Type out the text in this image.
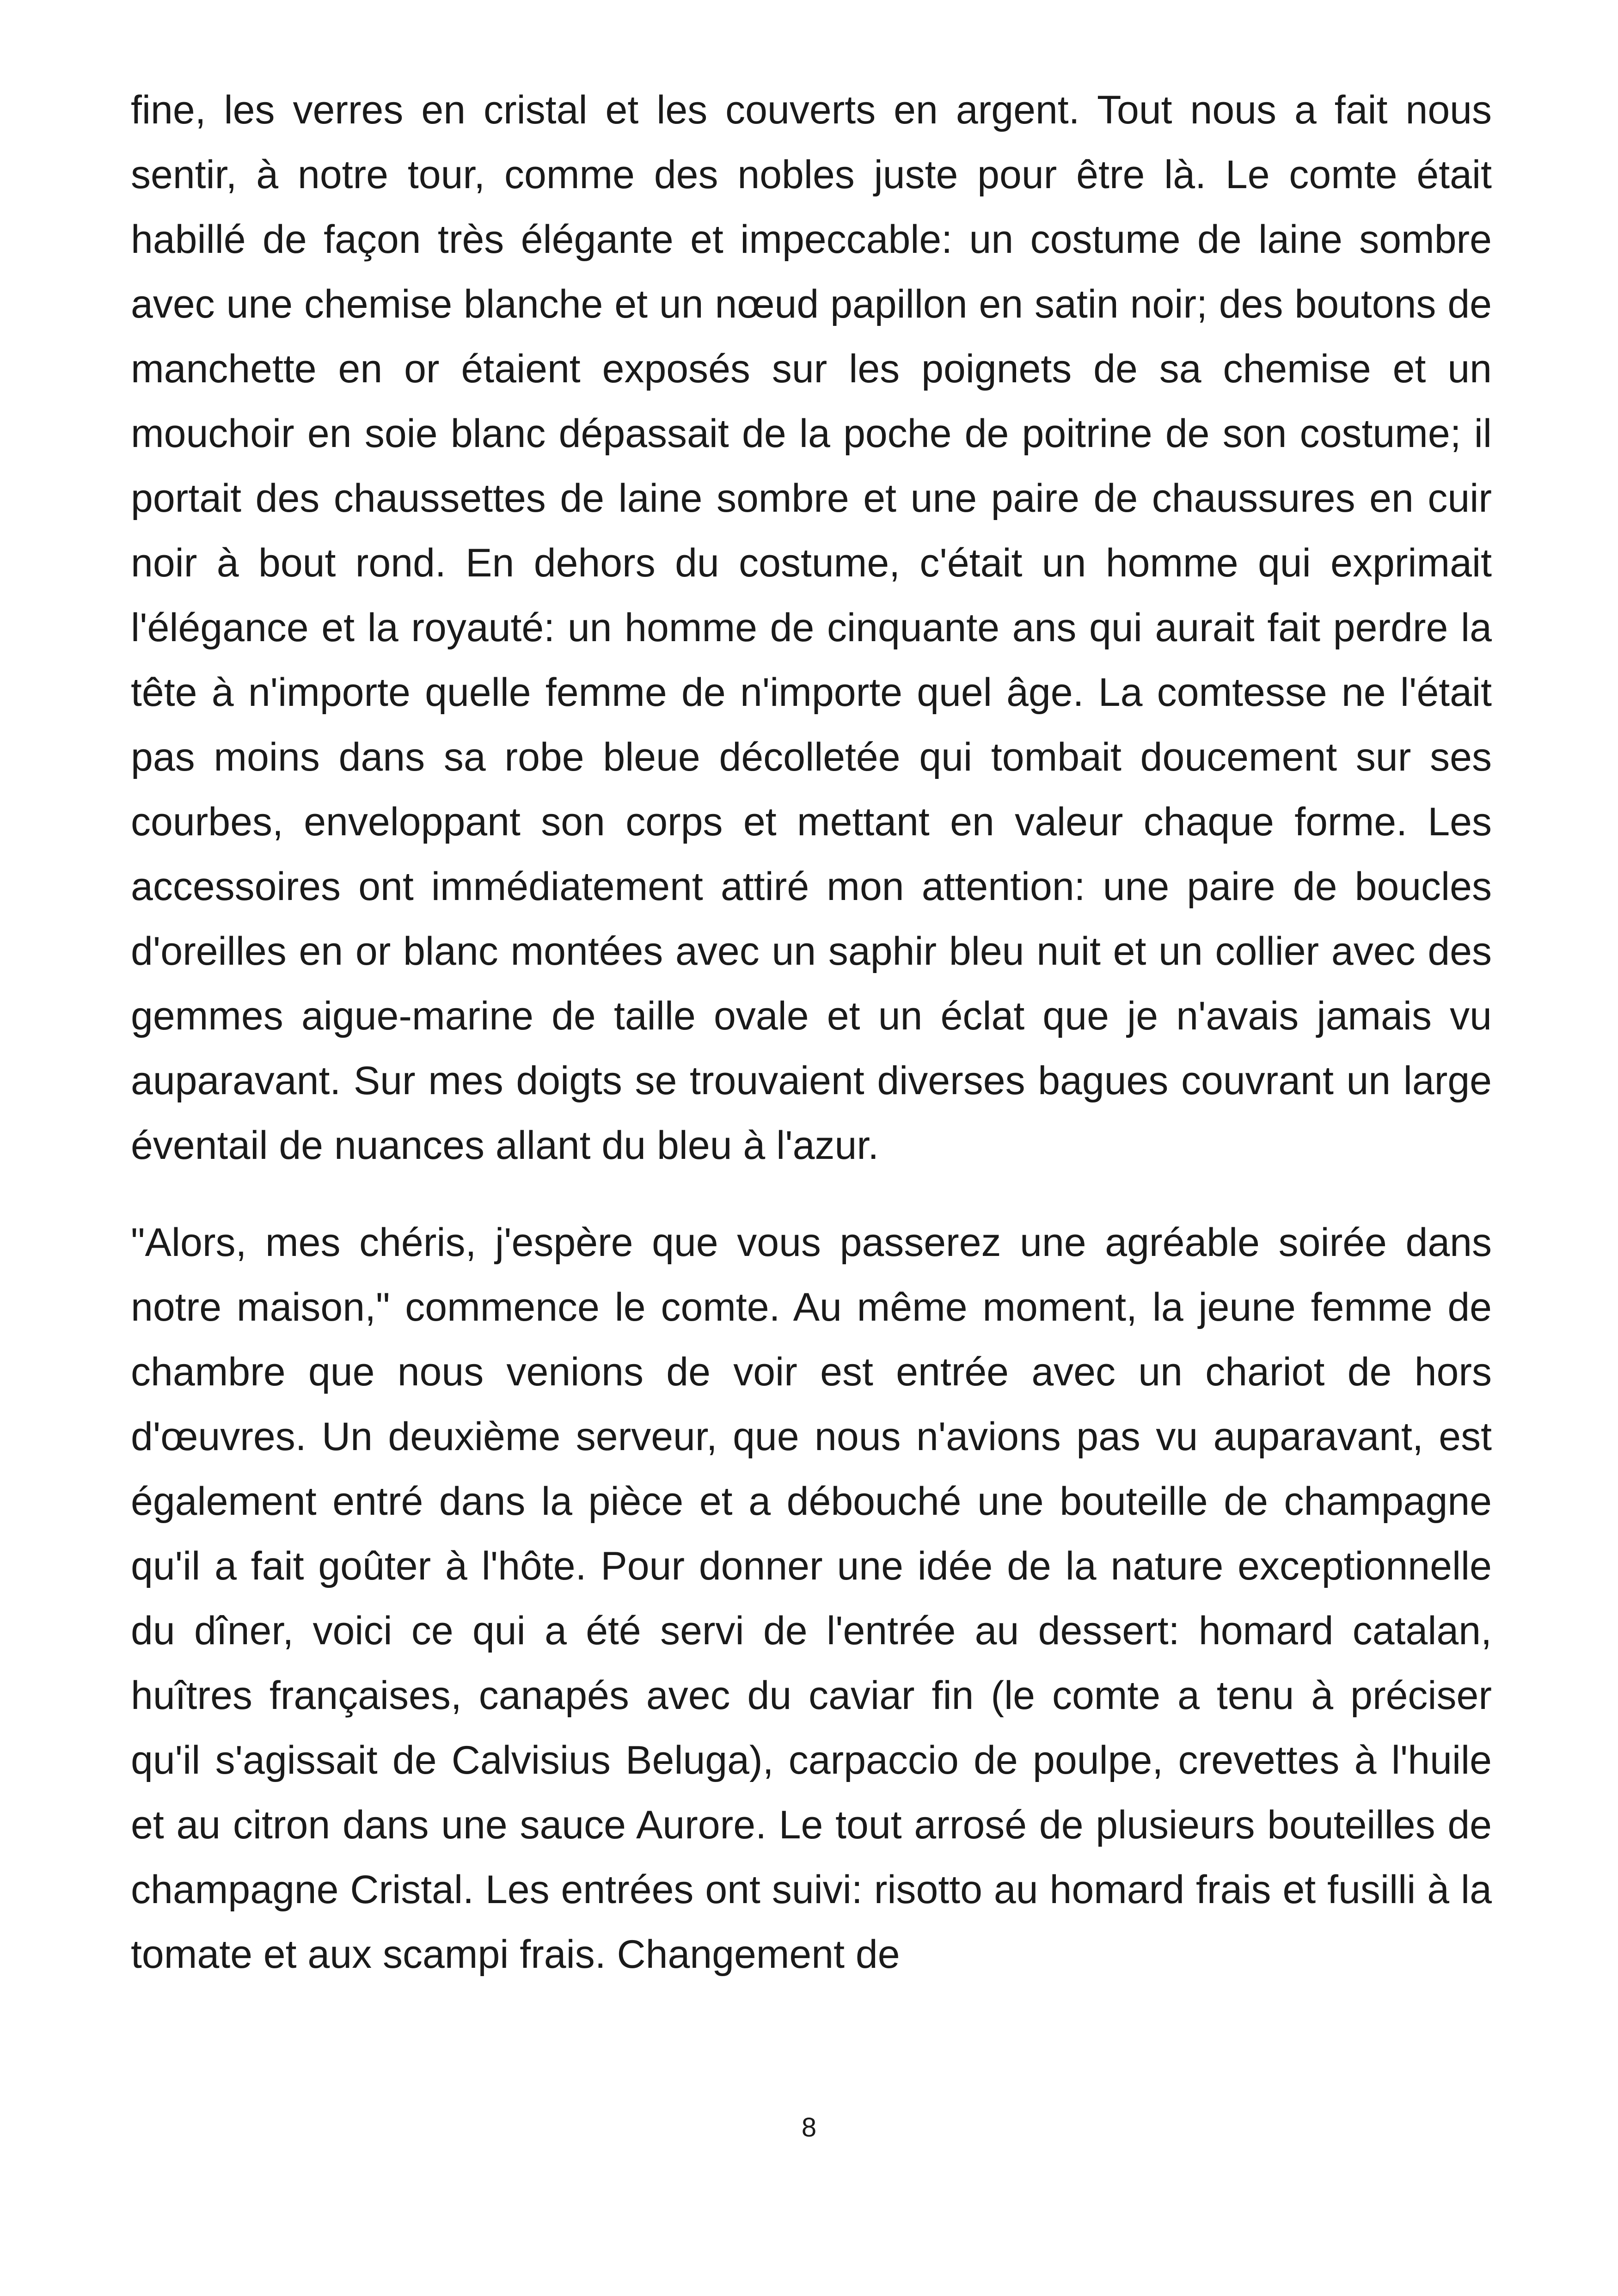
fine, les verres en cristal et les couverts en argent. Tout nous a fait nous sentir, à notre tour, comme des nobles juste pour être là. Le comte était habillé de façon très élégante et impeccable: un costume de laine sombre avec une chemise blanche et un nœud papillon en satin noir; des boutons de manchette en or étaient exposés sur les poignets de sa chemise et un mouchoir en soie blanc dépassait de la poche de poitrine de son costume; il portait des chaussettes de laine sombre et une paire de chaussures en cuir noir à bout rond. En dehors du costume, c'était un homme qui exprimait l'élégance et la royauté: un homme de cinquante ans qui aurait fait perdre la tête à n'importe quelle femme de n'importe quel âge. La comtesse ne l'était pas moins dans sa robe bleue décolletée qui tombait doucement sur ses courbes, enveloppant son corps et mettant en valeur chaque forme. Les accessoires ont immédiatement attiré mon attention: une paire de boucles d'oreilles en or blanc montées avec un saphir bleu nuit et un collier avec des gemmes aigue-marine de taille ovale et un éclat que je n'avais jamais vu auparavant. Sur mes doigts se trouvaient diverses bagues couvrant un large éventail de nuances allant du bleu à l'azur.

"Alors, mes chéris, j'espère que vous passerez une agréable soirée dans notre maison," commence le comte. Au même moment, la jeune femme de chambre que nous venions de voir est entrée avec un chariot de hors d'œuvres. Un deuxième serveur, que nous n'avions pas vu auparavant, est également entré dans la pièce et a débouché une bouteille de champagne qu'il a fait goûter à l'hôte. Pour donner une idée de la nature exceptionnelle du dîner, voici ce qui a été servi de l'entrée au dessert: homard catalan, huîtres françaises, canapés avec du caviar fin (le comte a tenu à préciser qu'il s'agissait de Calvisius Beluga), carpaccio de poulpe, crevettes à l'huile et au citron dans une sauce Aurore. Le tout arrosé de plusieurs bouteilles de champagne Cristal. Les entrées ont suivi: risotto au homard frais et fusilli à la tomate et aux scampi frais. Changement de

8
